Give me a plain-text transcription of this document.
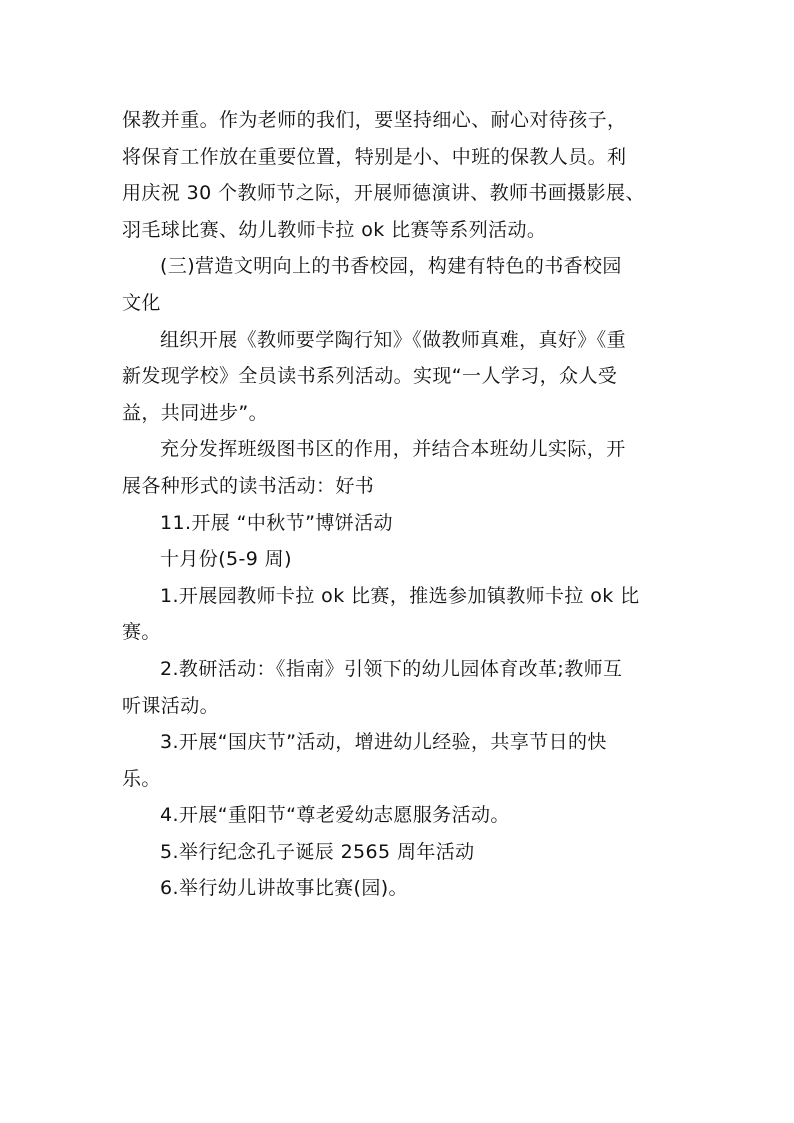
保教并重。作为老师的我们，要坚持细心、耐心对待孩子，
将保育工作放在重要位置，特别是小、中班的保教人员。利
用庆祝 30 个教师节之际，开展师德演讲、教师书画摄影展、
羽毛球比赛、幼儿教师卡拉 ok 比赛等系列活动。
(三)营造文明向上的书香校园，构建有特色的书香校园
文化
组织开展《教师要学陶行知》《做教师真难，真好》《重
新发现学校》全员读书系列活动。实现“一人学习，众人受
益，共同进步”。
充分发挥班级图书区的作用，并结合本班幼儿实际，开
展各种形式的读书活动：好书
11.开展 “中秋节”博饼活动
十月份(5-9 周)
1.开展园教师卡拉 ok 比赛，推选参加镇教师卡拉 ok 比
赛。
2.教研活动：《指南》引领下的幼儿园体育改革;教师互
听课活动。
3.开展“国庆节”活动，增进幼儿经验，共享节日的快
乐。
4.开展“重阳节“尊老爱幼志愿服务活动。
5.举行纪念孔子诞辰 2565 周年活动
6.举行幼儿讲故事比赛(园)。
